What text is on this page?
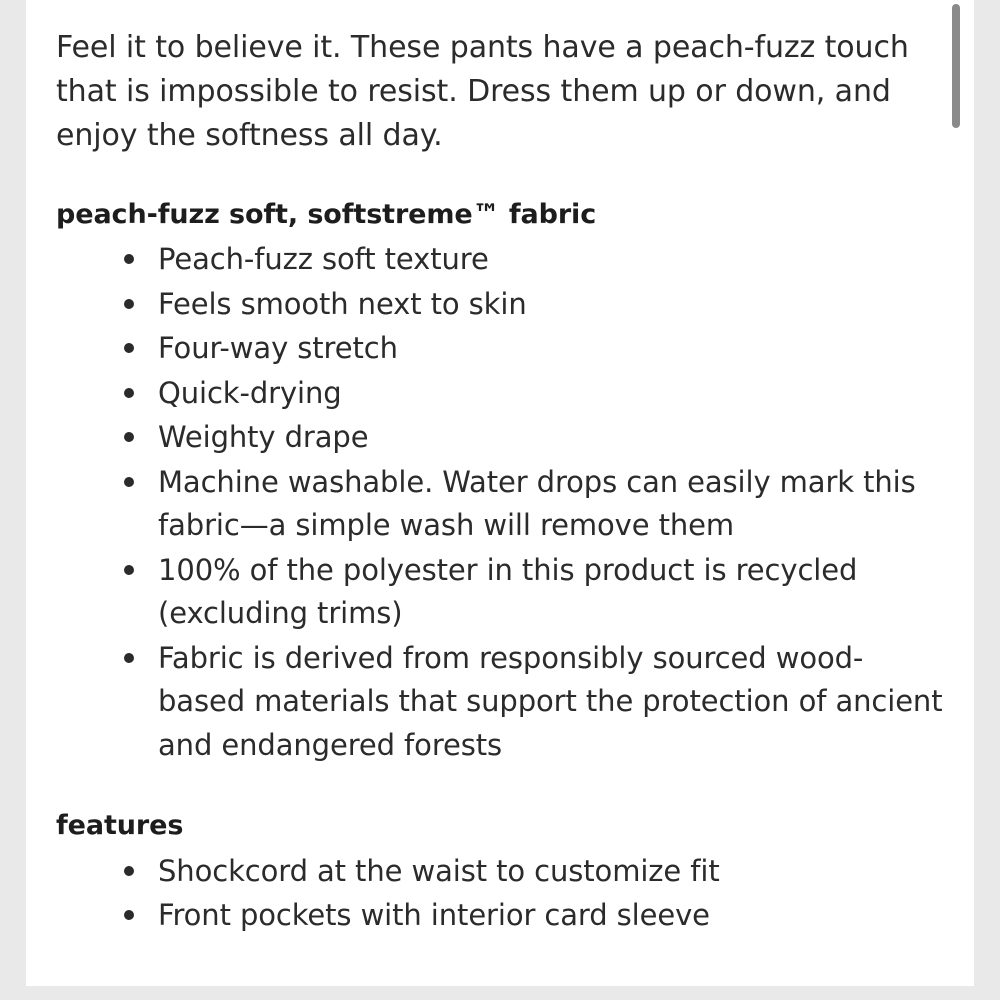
Feel it to believe it. These pants have a peach-fuzz touch that is impossible to resist. Dress them up or down, and enjoy the softness all day.

peach-fuzz soft, softstreme™ fabric
Peach-fuzz soft texture
Feels smooth next to skin
Four-way stretch
Quick-drying
Weighty drape
Machine washable. Water drops can easily mark this fabric—a simple wash will remove them
100% of the polyester in this product is recycled (excluding trims)
Fabric is derived from responsibly sourced wood-based materials that support the protection of ancient and endangered forests
features
Shockcord at the waist to customize fit
Front pockets with interior card sleeve
